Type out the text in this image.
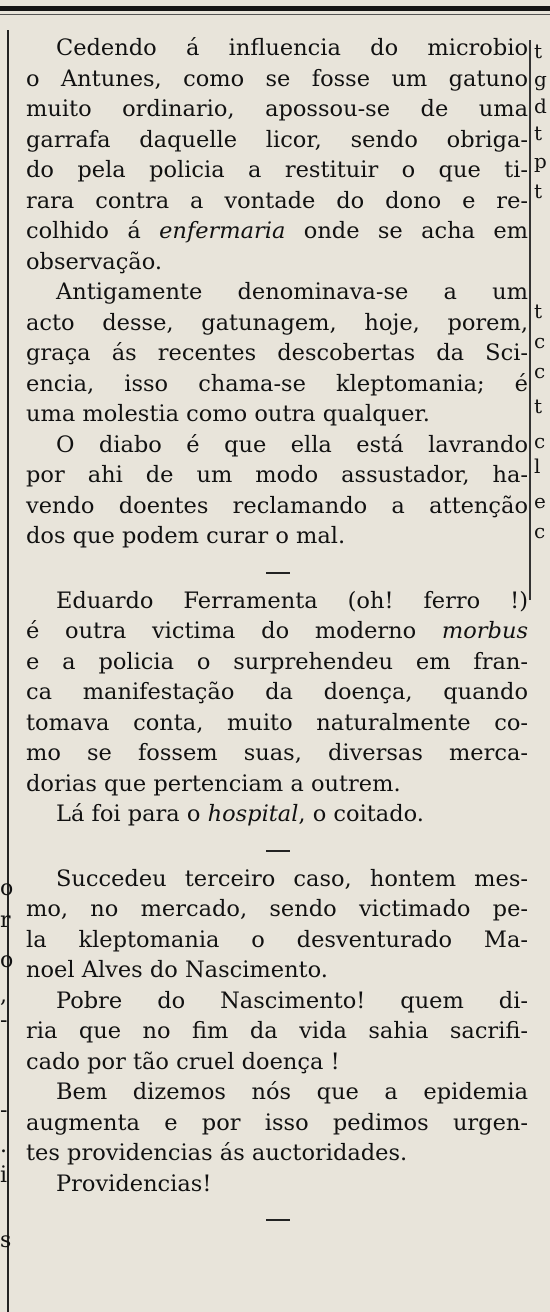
o
r
o
,
-
-
.
i
s
t
g
d
t
p
t
t
c
c
t
c
l
e
c
Cedendo á influencia do microbio
o Antunes, como se fosse um gatuno
muito ordinario, apossou-se de uma
garrafa daquelle licor, sendo obriga-
do pela policia a restituir o que ti-
rara contra a vontade do dono e re-
colhido á enfermaria onde se acha em
observação.
Antigamente denominava-se a um
acto desse, gatunagem, hoje, porem,
graça ás recentes descobertas da Sci-
encia, isso chama-se kleptomania; é
uma molestia como outra qualquer.
O diabo é que ella está lavrando
por ahi de um modo assustador, ha-
vendo doentes reclamando a attenção
dos que podem curar o mal.
Eduardo Ferramenta (oh! ferro !)
é outra victima do moderno morbus
e a policia o surprehendeu em fran-
ca manifestação da doença, quando
tomava conta, muito naturalmente co-
mo se fossem suas, diversas merca-
dorias que pertenciam a outrem.
Lá foi para o hospital, o coitado.
Succedeu terceiro caso, hontem mes-
mo, no mercado, sendo victimado pe-
la kleptomania o desventurado Ma-
noel Alves do Nascimento.
Pobre do Nascimento! quem di-
ria que no fim da vida sahia sacrifi-
cado por tão cruel doença !
Bem dizemos nós que a epidemia
augmenta e por isso pedimos urgen-
tes providencias ás auctoridades.
Providencias!
